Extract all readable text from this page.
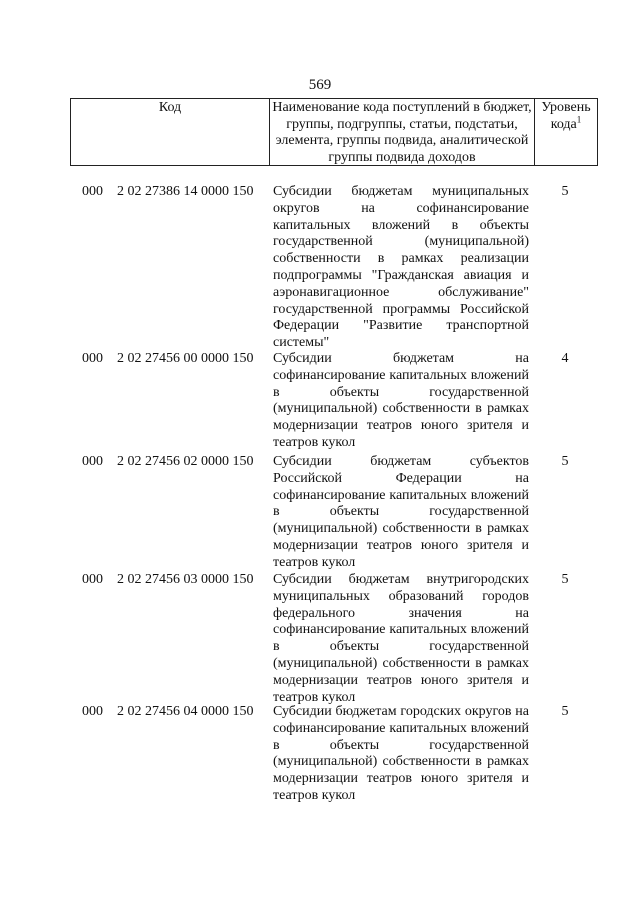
569
Код	Наименование кода поступлений в бюджет, группы, подгруппы, статьи, подстатьи, элемента, группы подвида, аналитической группы подвида доходов
Уровень кода$^1$
000 2 02 27386 14 0000 150 Субсидии бюджетам муниципальных округов на софинансирование капитальных вложений в объекты государственной (муниципальной) собственности в рамках реализации подпрограммы "Гражданская авиация и аэронавигационное обслуживание" государственной программы Российской Федерации "Развитие транспортной системы"
5
000 2 02 27456 00 0000 150 Субсидии бюджетам на софинансирование капитальных вложений в объекты государственной (муниципальной) собственности в рамках модернизации театров юного зрителя и театров кукол
4
000 2 02 27456 02 0000 150 Субсидии бюджетам субъектов Российской Федерации на софинансирование капитальных вложений в объекты государственной (муниципальной) собственности в рамках модернизации театров юного зрителя и театров кукол
5
000 2 02 27456 03 0000 150 Субсидии бюджетам внутригородских муниципальных образований городов федерального значения на софинансирование капитальных вложений в объекты государственной (муниципальной) собственности в рамках модернизации театров юного зрителя и театров кукол
5
000 2 02 27456 04 0000 150 Субсидии бюджетам городских округов на софинансирование капитальных вложений в объекты государственной (муниципальной) собственности в рамках модернизации театров юного зрителя и театров кукол
5
